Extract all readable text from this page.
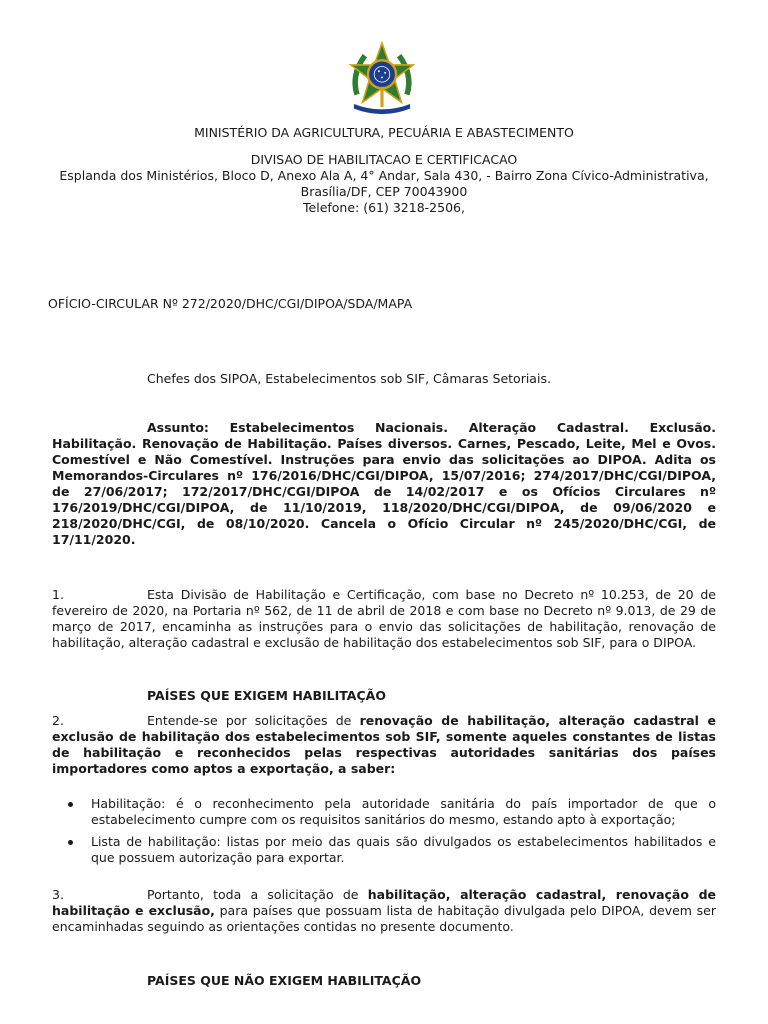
MINISTÉRIO DA AGRICULTURA, PECUÁRIA E ABASTECIMENTO
DIVISAO DE HABILITACAO E CERTIFICACAO
Esplanda dos Ministérios, Bloco D, Anexo Ala A, 4° Andar, Sala 430, - Bairro Zona Cívico-Administrativa,
Brasília/DF, CEP 70043900
Telefone: (61) 3218-2506,
OFÍCIO-CIRCULAR Nº 272/2020/DHC/CGI/DIPOA/SDA/MAPA
Chefes dos SIPOA, Estabelecimentos sob SIF, Câmaras Setoriais.
Assunto: Estabelecimentos Nacionais. Alteração Cadastral. Exclusão. Habilitação. Renovação de Habilitação. Países diversos. Carnes, Pescado, Leite, Mel e Ovos. Comestível e Não Comestível. Instruções para envio das solicitações ao DIPOA. Adita os Memorandos-Circulares nº 176/2016/DHC/CGI/DIPOA, 15/07/2016; 274/2017/DHC/CGI/DIPOA, de 27/06/2017; 172/2017/DHC/CGI/DIPOA de 14/02/2017 e os Ofícios Circulares nº 176/2019/DHC/CGI/DIPOA, de 11/10/2019, 118/2020/DHC/CGI/DIPOA, de 09/06/2020 e 218/2020/DHC/CGI, de 08/10/2020. Cancela o Ofício Circular nº 245/2020/DHC/CGI, de 17/11/2020.
1.	Esta Divisão de Habilitação e Certificação, com base no Decreto nº 10.253, de 20 de fevereiro de 2020, na Portaria nº 562, de 11 de abril de 2018 e com base no Decreto nº 9.013, de 29 de março de 2017, encaminha as instruções para o envio das solicitações de habilitação, renovação de habilitação, alteração cadastral e exclusão de habilitação dos estabelecimentos sob SIF, para o DIPOA.
PAÍSES QUE EXIGEM HABILITAÇÃO
2.	Entende-se por solicitações de renovação de habilitação, alteração cadastral e exclusão de habilitação dos estabelecimentos sob SIF, somente aqueles constantes de listas de habilitação e reconhecidos pelas respectivas autoridades sanitárias dos países importadores como aptos a exportação, a saber:
Habilitação: é o reconhecimento pela autoridade sanitária do país importador de que o estabelecimento cumpre com os requisitos sanitários do mesmo, estando apto à exportação;
Lista de habilitação: listas por meio das quais são divulgados os estabelecimentos habilitados e que possuem autorização para exportar.
3.	Portanto, toda a solicitação de habilitação, alteração cadastral, renovação de habilitação e exclusão, para países que possuam lista de habitação divulgada pelo DIPOA, devem ser encaminhadas seguindo as orientações contidas no presente documento.
PAÍSES QUE NÃO EXIGEM HABILITAÇÃO
